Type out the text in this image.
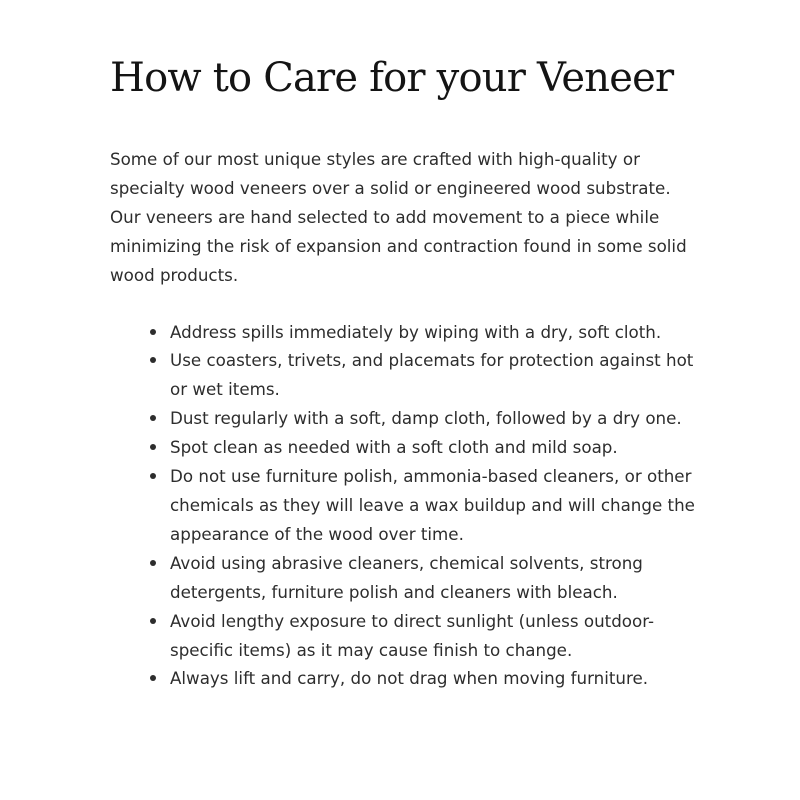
How to Care for your Veneer

Some of our most unique styles are crafted with high-quality or specialty wood veneers over a solid or engineered wood substrate. Our veneers are hand selected to add movement to a piece while minimizing the risk of expansion and contraction found in some solid wood products.

Address spills immediately by wiping with a dry, soft cloth.
Use coasters, trivets, and placemats for protection against hot or wet items.
Dust regularly with a soft, damp cloth, followed by a dry one.
Spot clean as needed with a soft cloth and mild soap.
Do not use furniture polish, ammonia-based cleaners, or other chemicals as they will leave a wax buildup and will change the appearance of the wood over time.
Avoid using abrasive cleaners, chemical solvents, strong detergents, furniture polish and cleaners with bleach.
Avoid lengthy exposure to direct sunlight (unless outdoor-specific items) as it may cause finish to change.
Always lift and carry, do not drag when moving furniture.
